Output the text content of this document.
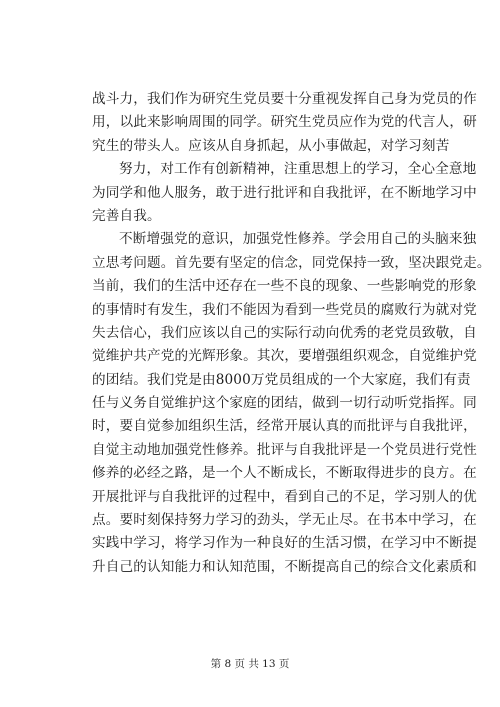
战斗力，我们作为研究生党员要十分重视发挥自己身为党员的作
用，以此来影响周围的同学。研究生党员应作为党的代言人，研
究生的带头人。应该从自身抓起，从小事做起，对学习刻苦
努力，对工作有创新精神，注重思想上的学习，全心全意地
为同学和他人服务，敢于进行批评和自我批评，在不断地学习中
完善自我。
不断增强党的意识，加强党性修养。学会用自己的头脑来独
立思考问题。首先要有坚定的信念，同党保持一致，坚决跟党走。
当前，我们的生活中还存在一些不良的现象、一些影响党的形象
的事情时有发生，我们不能因为看到一些党员的腐败行为就对党
失去信心，我们应该以自己的实际行动向优秀的老党员致敬，自
觉维护共产党的光辉形象。其次，要增强组织观念，自觉维护党
的团结。我们党是由8000万党员组成的一个大家庭，我们有责
任与义务自觉维护这个家庭的团结，做到一切行动听党指挥。同
时，要自觉参加组织生活，经常开展认真的而批评与自我批评，
自觉主动地加强党性修养。批评与自我批评是一个党员进行党性
修养的必经之路，是一个人不断成长，不断取得进步的良方。在
开展批评与自我批评的过程中，看到自己的不足，学习别人的优
点。要时刻保持努力学习的劲头，学无止尽。在书本中学习，在
实践中学习，将学习作为一种良好的生活习惯，在学习中不断提
升自己的认知能力和认知范围，不断提高自己的综合文化素质和
第 8 页 共 13 页
